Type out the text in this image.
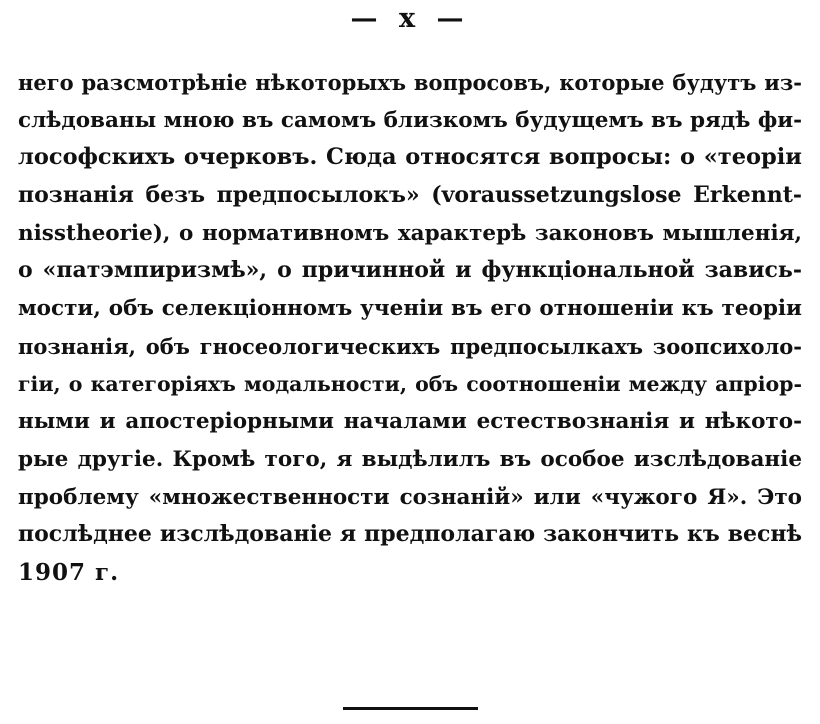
— x —
него разсмотрѣніе нѣкоторыхъ вопросовъ, которые будутъ из-
слѣдованы мною въ самомъ близкомъ будущемъ въ рядѣ фи-
лософскихъ очерковъ. Сюда относятся вопросы: о «теоріи
познанія безъ предпосылокъ» (voraussetzungslose Erkennt-
nisstheorie), о нормативномъ характерѣ законовъ мышленія,
о «патэмпиризмѣ», о причинной и функціональной завись-
мости, объ селекціонномъ ученіи въ его отношеніи къ теоріи
познанія, объ гносеологическихъ предпосылкахъ зоопсихоло-
гіи, о категоріяхъ модальности, объ соотношеніи между апріор-
ными и апостеріорными началами естествознанія и нѣкото-
рые другіе. Кромѣ того, я выдѣлилъ въ особое изслѣдованіе
проблему «множественности сознаній» или «чужого Я». Это
послѣднее изслѣдованіе я предполагаю закончить къ веснѣ
1907 г.
